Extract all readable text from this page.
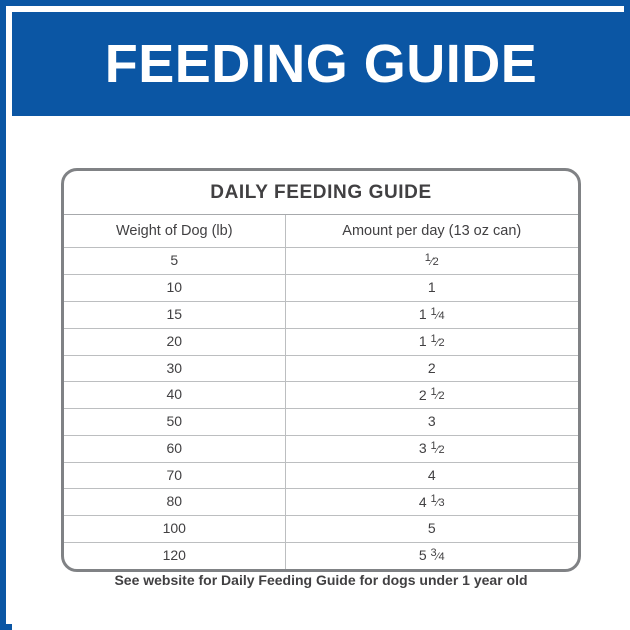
FEEDING GUIDE
DAILY FEEDING GUIDE
Weight of Dog (lb)	Amount per day (13 oz can)
5	$^1$⁄2
10	1
15	1 $^1$⁄4
20	1 $^1$⁄2
30	2
40	2 $^1$⁄2
50	3
60	3 $^1$⁄2
70	4
80	4 $^1$⁄3
100	5
120	5 $^3$⁄4
See website for Daily Feeding Guide for dogs under 1 year old
